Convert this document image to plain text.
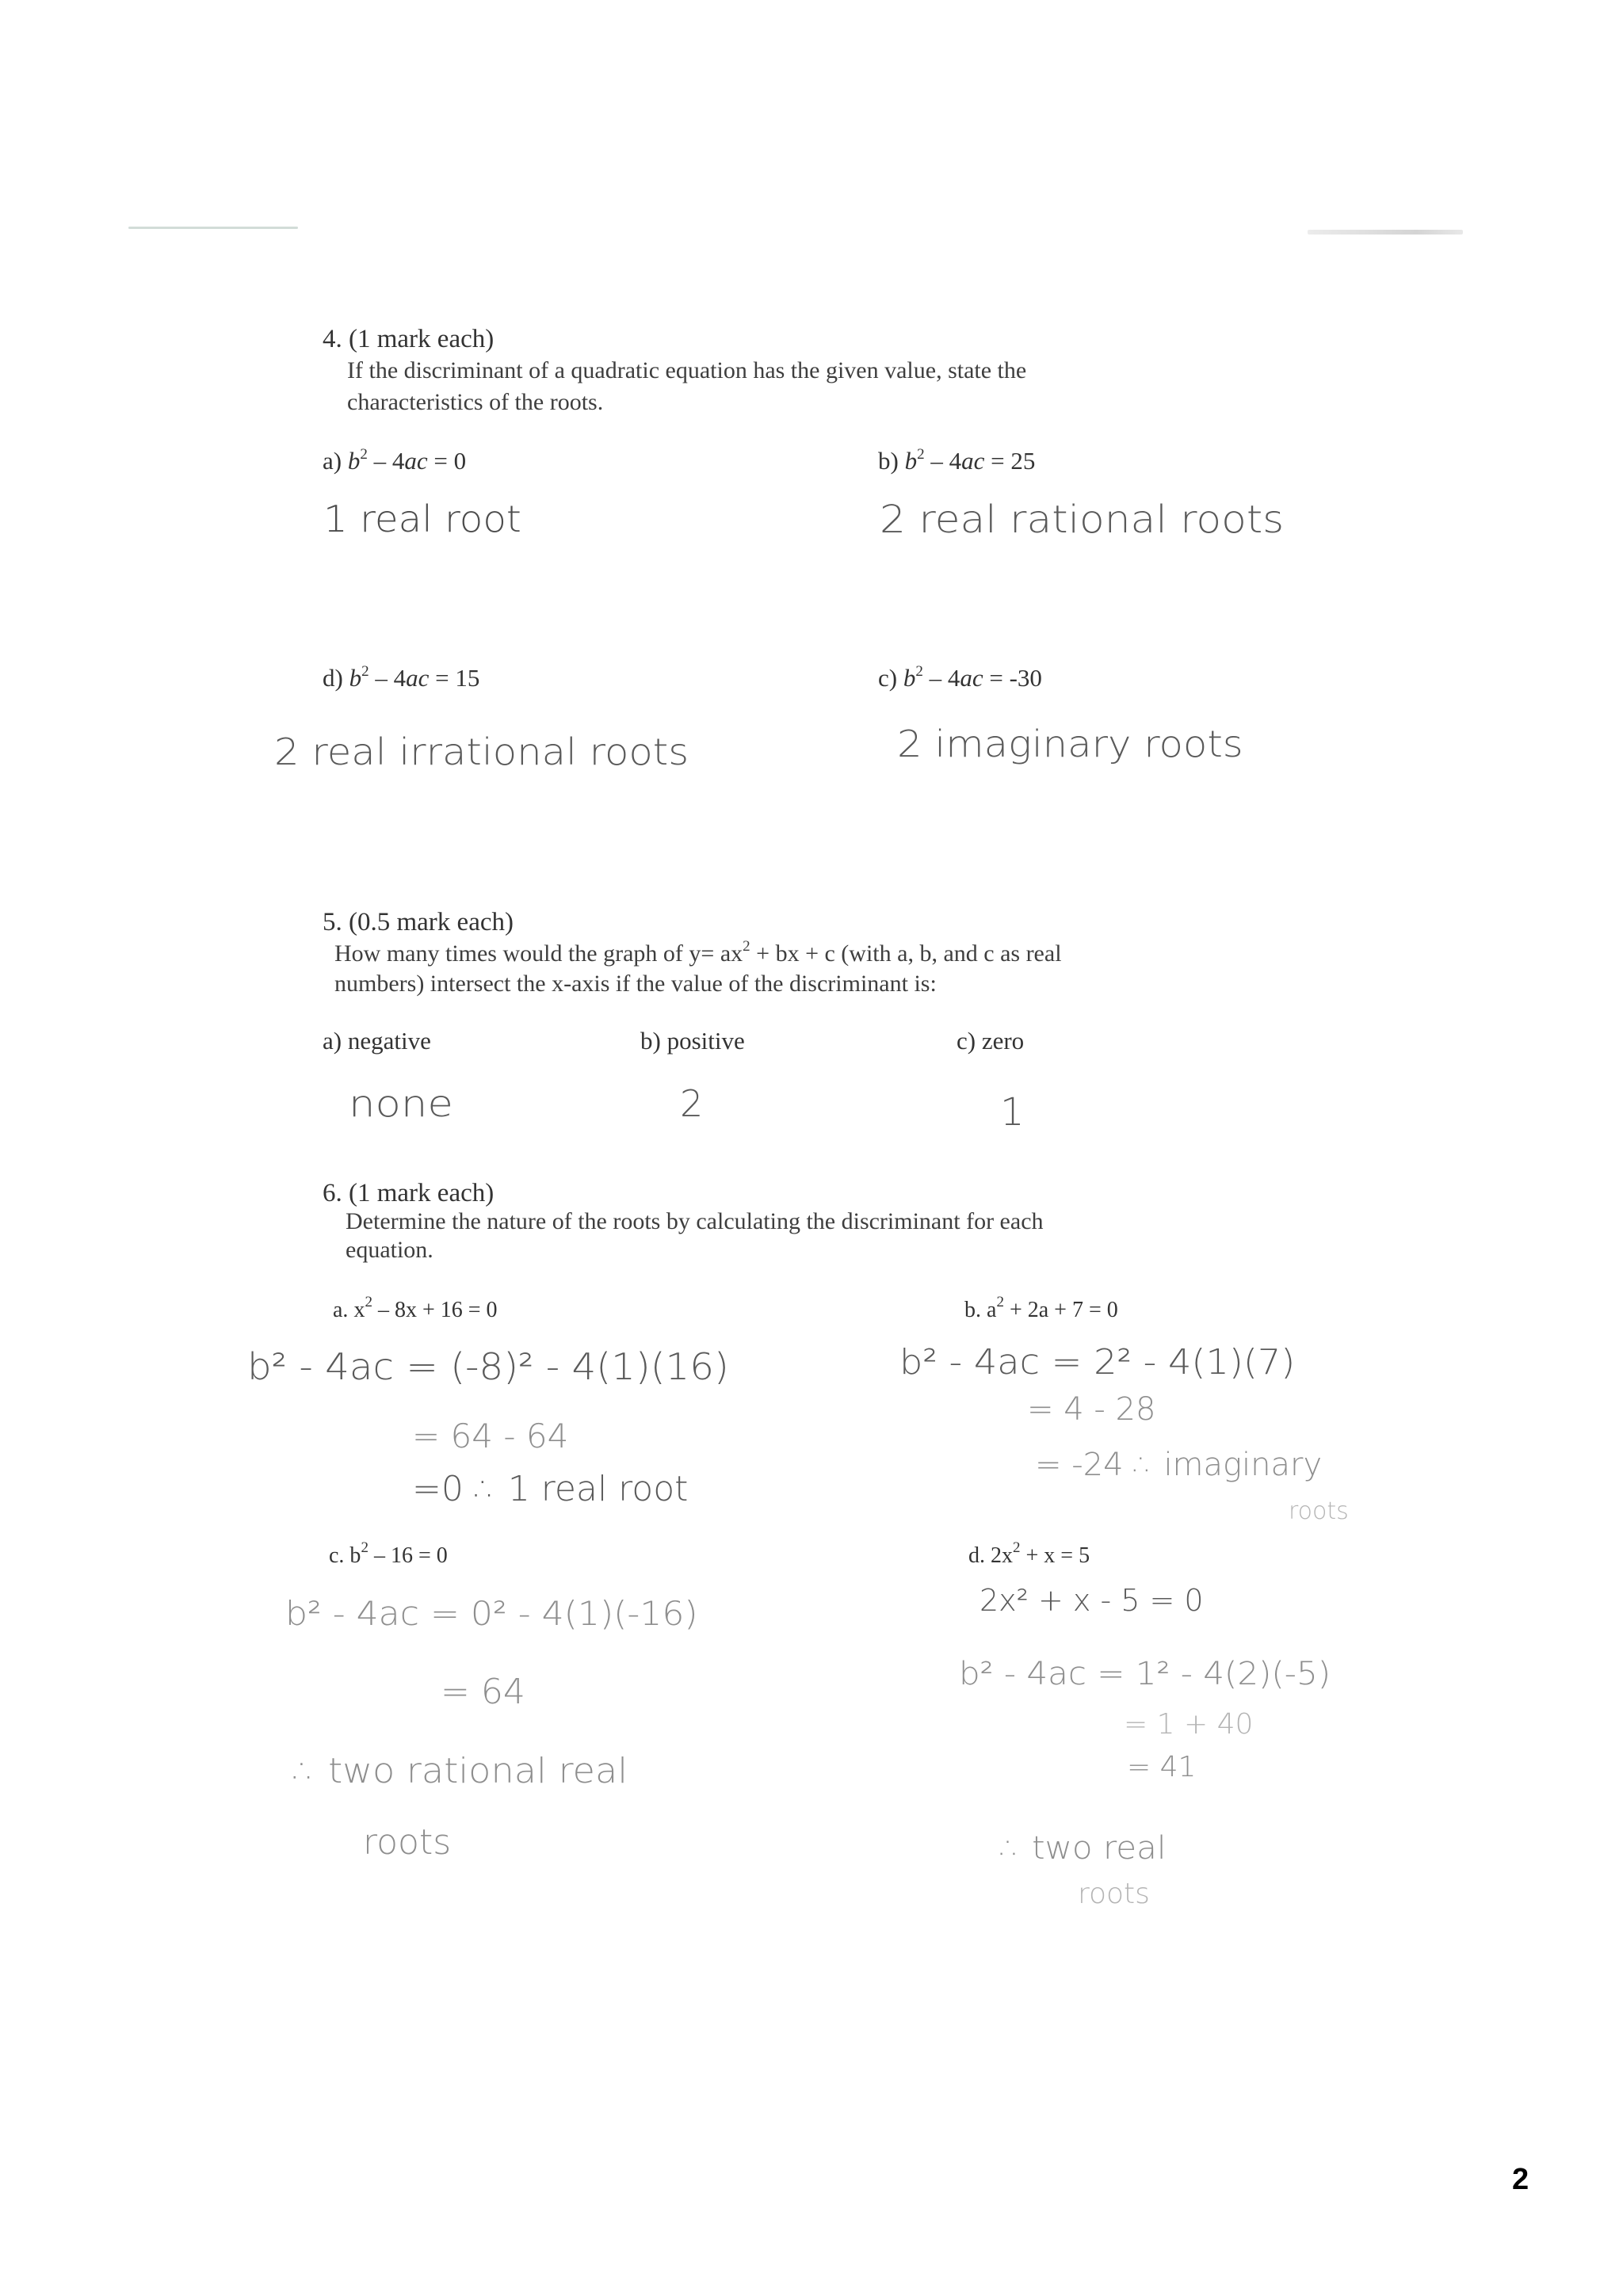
4. (1 mark each)
If the discriminant of a quadratic equation has the given value, state the
characteristics of the roots.
a) $b^2 - 4ac = 0$	b) $b^2 - 4ac = 25$
1 real root	2 real rational roots
d) $b^2 - 4ac = 15$	c) $b^2 - 4ac = -30$
2 real irrational roots	2 imaginary roots
5. (0.5 mark each)
How many times would the graph of $y= ax^2$ + bx + c (with a, b, and c as real
numbers) intersect the x-axis if the value of the discriminant is:
a) negative	b) positive	c) zero
none	2	1
6. (1 mark each)
Determine the nature of the roots by calculating the discriminant for each
equation.
a. $x^2 - 8x + 16 = 0$
b² - 4ac = (-8)² - 4(1)(16)
= 64 - 64
=0 ∴ 1 real root
b. $a^2 + 2a + 7 = 0$
b² - 4ac = 2² - 4(1)(7)
= 4 - 28
= -24 ∴ imaginary
roots
c. $b^2 - 16 = 0$
b² - 4ac = 0² - 4(1)(-16)
= 64
∴ two rational real
roots
d. $2x^2 + x = 5$
2x² + x - 5 = 0
b² - 4ac = 1² - 4(2)(-5)
= 1 + 40
= 41
∴ two real
roots
2
